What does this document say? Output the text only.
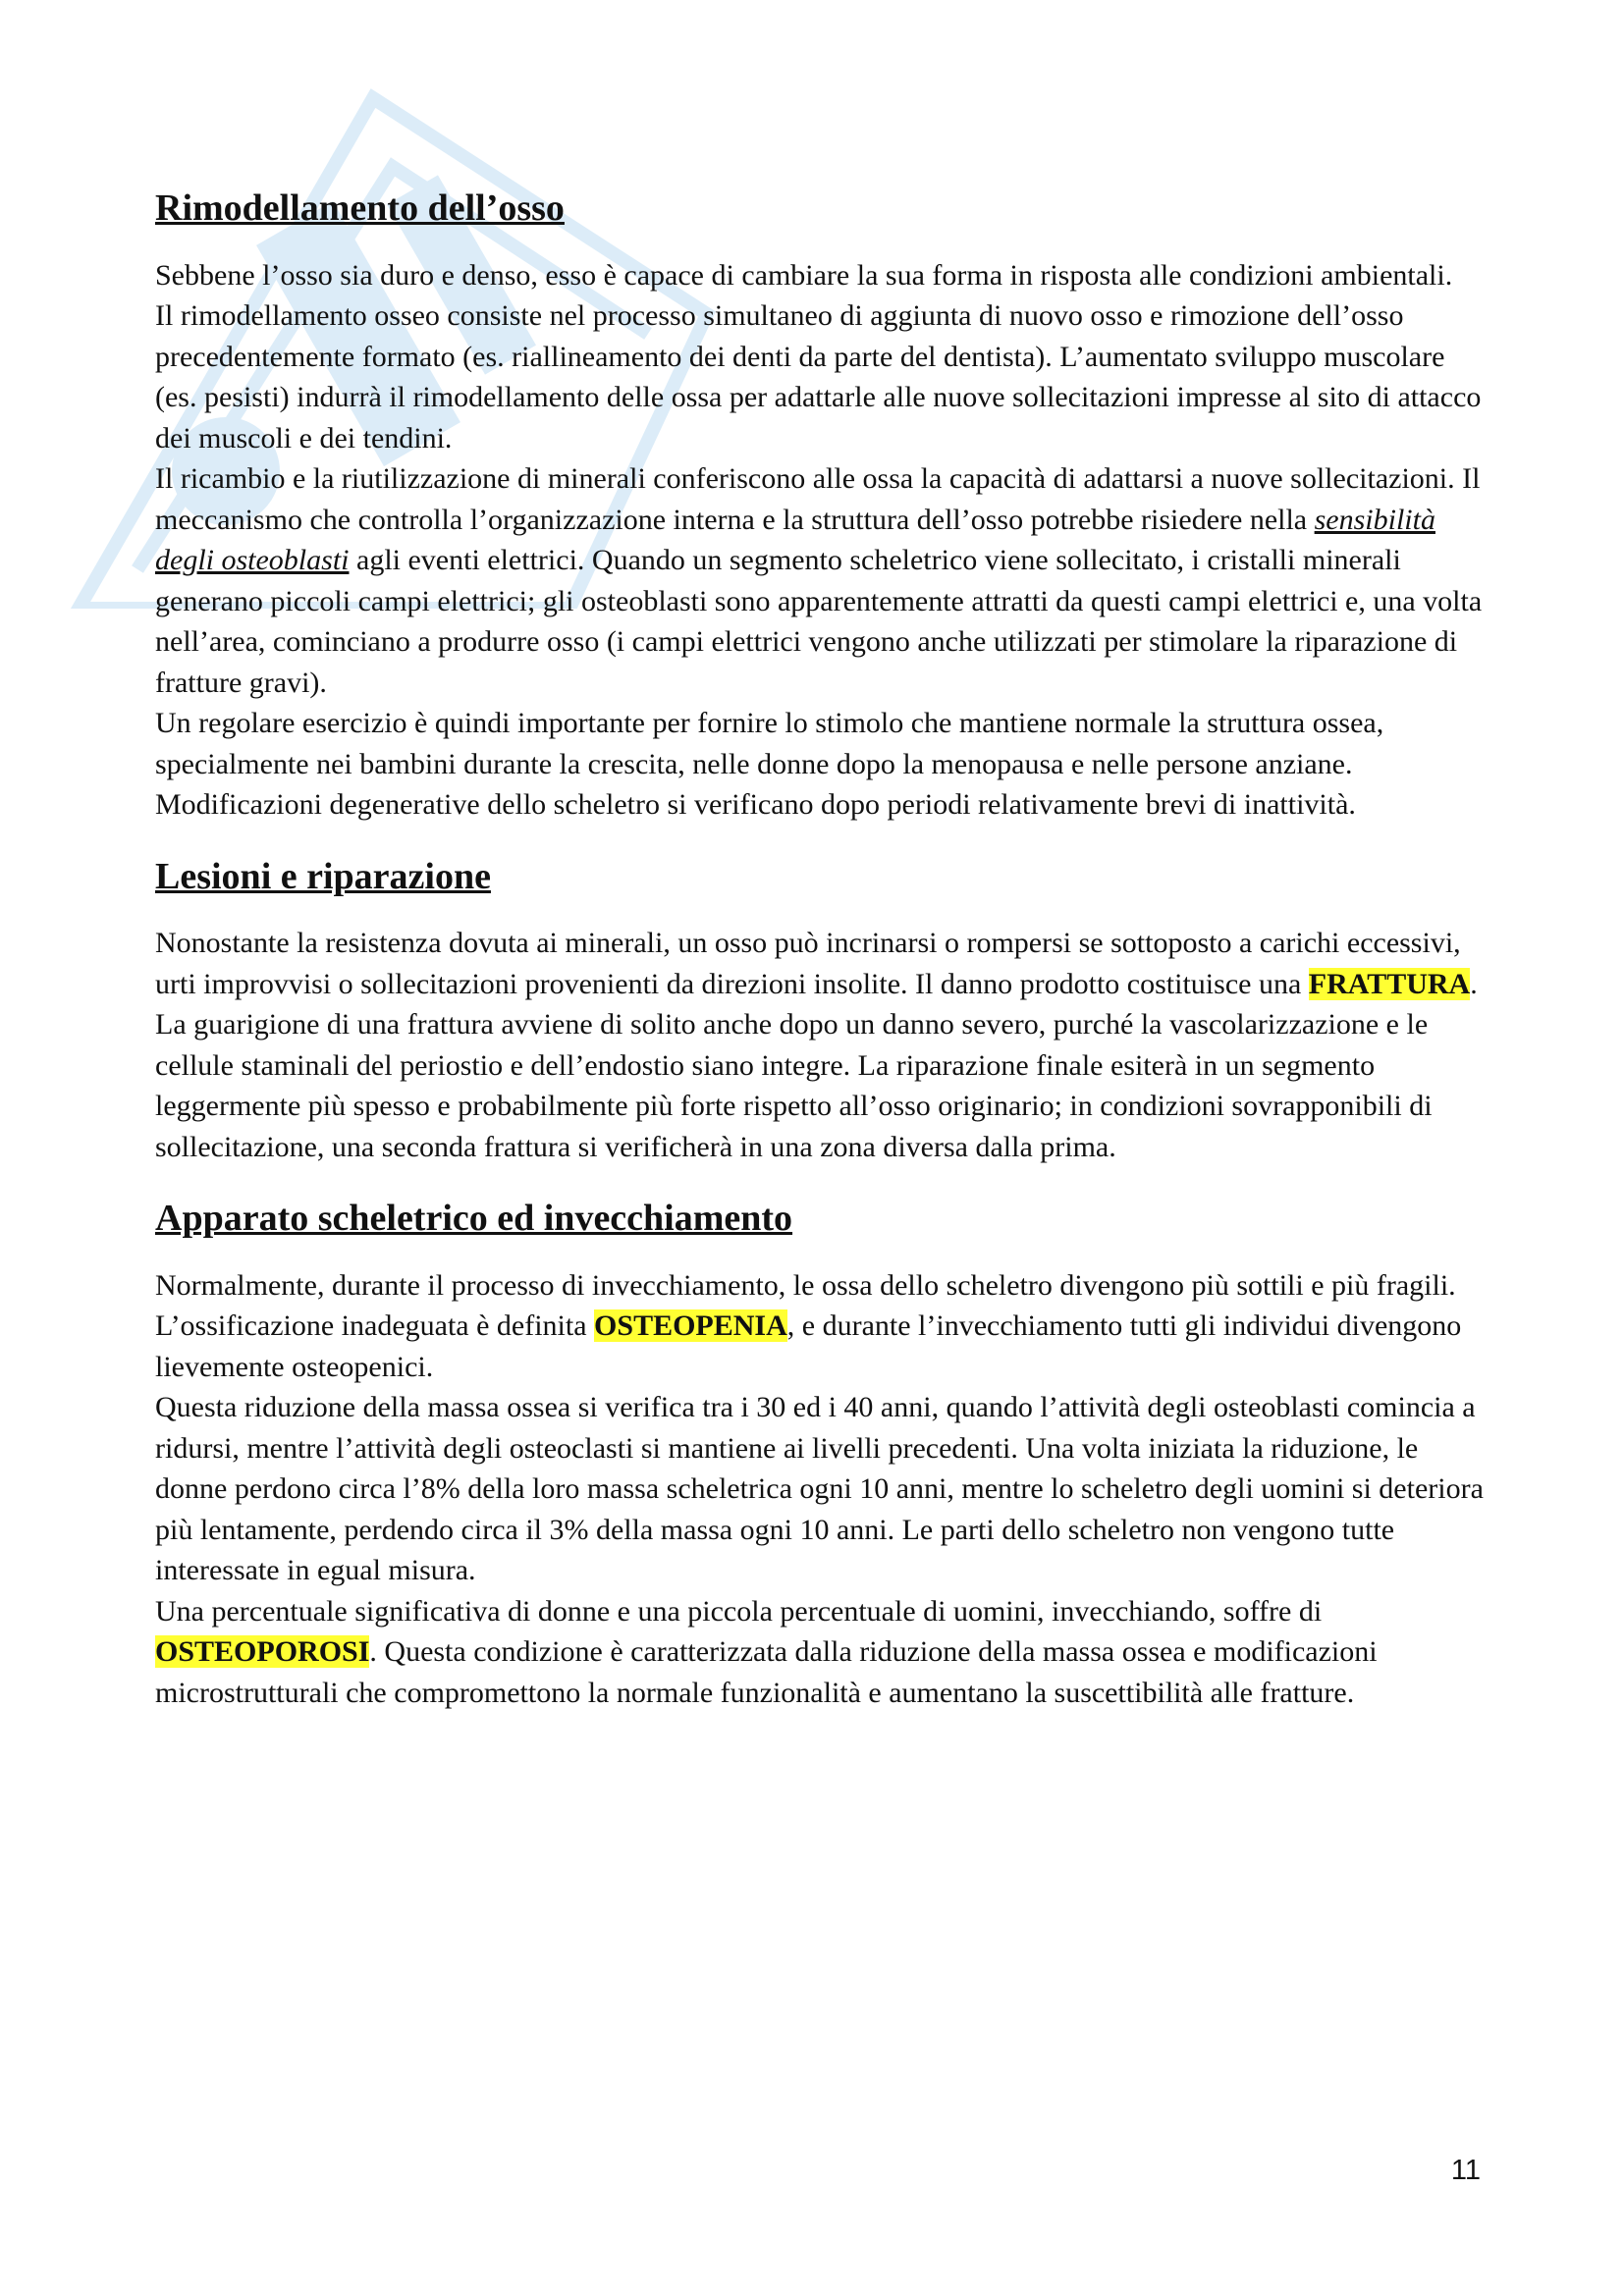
Rimodellamento dell’osso

Sebbene l’osso sia duro e denso, esso è capace di cambiare la sua forma in risposta alle condizioni ambientali.

Il rimodellamento osseo consiste nel processo simultaneo di aggiunta di nuovo osso e rimozione dell’osso precedentemente formato (es. riallineamento dei denti da parte del dentista). L’aumentato sviluppo muscolare (es. pesisti) indurrà il rimodellamento delle ossa per adattarle alle nuove sollecitazioni impresse al sito di attacco dei muscoli e dei tendini.

Il ricambio e la riutilizzazione di minerali conferiscono alle ossa la capacità di adattarsi a nuove sollecitazioni. Il meccanismo che controlla l’organizzazione interna e la struttura dell’osso potrebbe risiedere nella sensibilità degli osteoblasti agli eventi elettrici. Quando un segmento scheletrico viene sollecitato, i cristalli minerali generano piccoli campi elettrici; gli osteoblasti sono apparentemente attratti da questi campi elettrici e, una volta nell’area, cominciano a produrre osso (i campi elettrici vengono anche utilizzati per stimolare la riparazione di fratture gravi).

Un regolare esercizio è quindi importante per fornire lo stimolo che mantiene normale la struttura ossea, specialmente nei bambini durante la crescita, nelle donne dopo la menopausa e nelle persone anziane. Modificazioni degenerative dello scheletro si verificano dopo periodi relativamente brevi di inattività.

Lesioni e riparazione

Nonostante la resistenza dovuta ai minerali, un osso può incrinarsi o rompersi se sottoposto a carichi eccessivi, urti improvvisi o sollecitazioni provenienti da direzioni insolite. Il danno prodotto costituisce una FRATTURA. La guarigione di una frattura avviene di solito anche dopo un danno severo, purché la vascolarizzazione e le cellule staminali del periostio e dell’endostio siano integre. La riparazione finale esiterà in un segmento leggermente più spesso e probabilmente più forte rispetto all’osso originario; in condizioni sovrapponibili di sollecitazione, una seconda frattura si verificherà in una zona diversa dalla prima.

Apparato scheletrico ed invecchiamento

Normalmente, durante il processo di invecchiamento, le ossa dello scheletro divengono più sottili e più fragili. L’ossificazione inadeguata è definita OSTEOPENIA, e durante l’invecchiamento tutti gli individui divengono lievemente osteopenici.

Questa riduzione della massa ossea si verifica tra i 30 ed i 40 anni, quando l’attività degli osteoblasti comincia a ridursi, mentre l’attività degli osteoclasti si mantiene ai livelli precedenti. Una volta iniziata la riduzione, le donne perdono circa l’8% della loro massa scheletrica ogni 10 anni, mentre lo scheletro degli uomini si deteriora più lentamente, perdendo circa il 3% della massa ogni 10 anni. Le parti dello scheletro non vengono tutte interessate in egual misura.

Una percentuale significativa di donne e una piccola percentuale di uomini, invecchiando, soffre di OSTEOPOROSI. Questa condizione è caratterizzata dalla riduzione della massa ossea e modificazioni microstrutturali che compromettono la normale funzionalità e aumentano la suscettibilità alle fratture.

11
